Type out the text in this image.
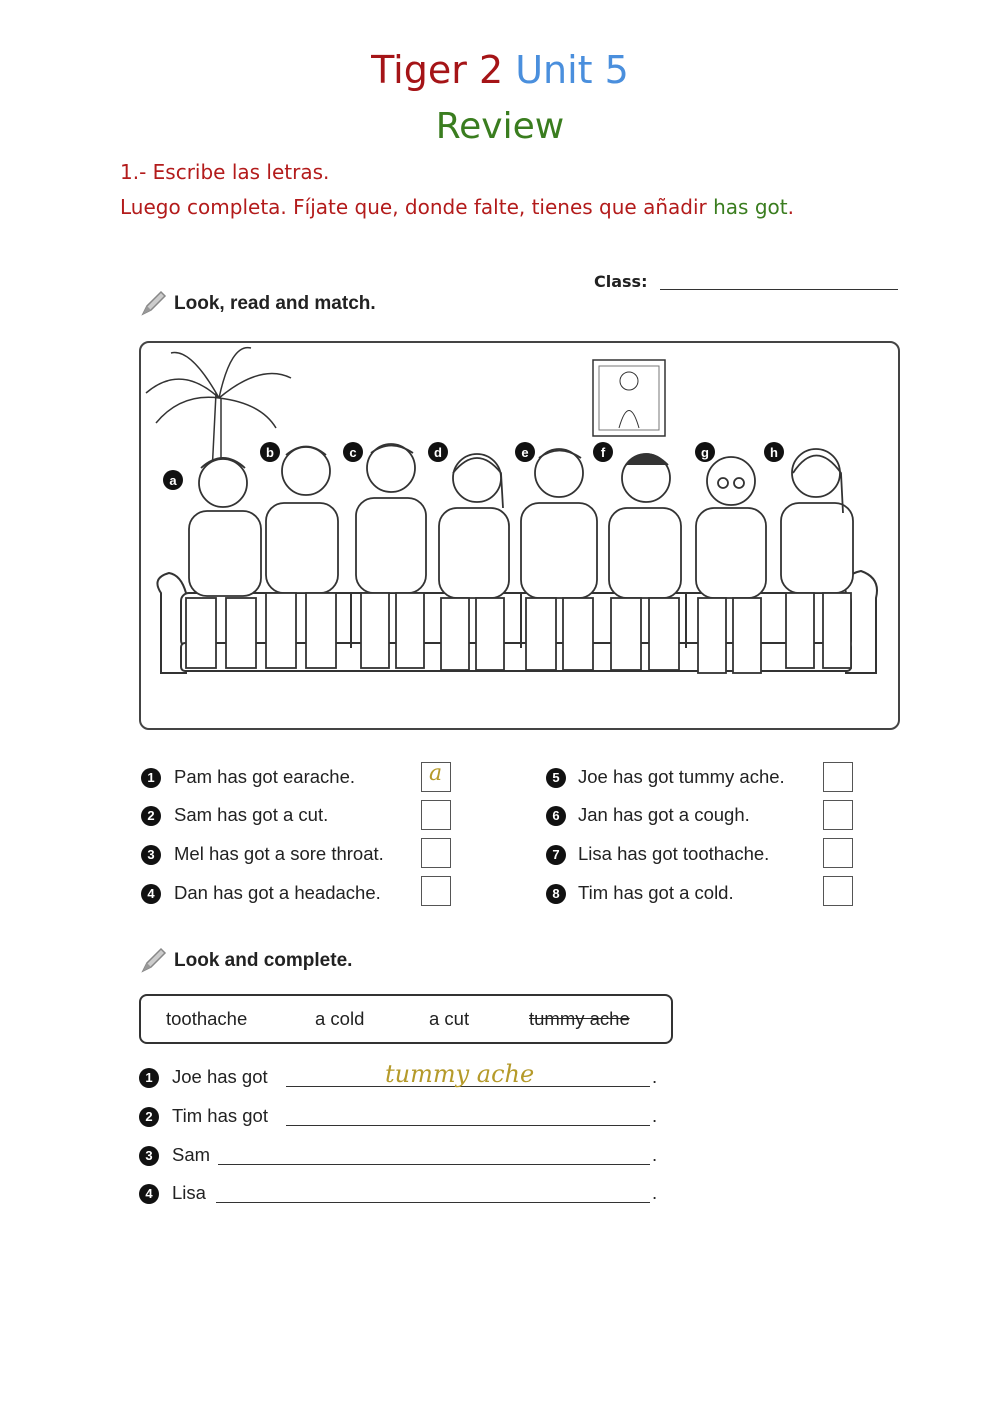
Tiger 2 Unit 5
Review
1.- Escribe las letras.
Luego completa. Fíjate que, donde falte, tienes que añadir has got.
Class:
Look, read and match.
a
b	c	d	e	f	g	h
1	Pam has got earache.	a
2	Sam has got a cut.
3	Mel has got a sore throat.
4	Dan has got a headache.
5 Joe has got tummy ache.
6 Jan has got a cough.
7 Lisa has got toothache.
8 Tim has got a cold.
Look and complete.
toothache	a cold	a cut	tummy ache
1	Joe has got	tummy ache	.
2	Tim has got	.
3	Sam	.
4	Lisa	.
